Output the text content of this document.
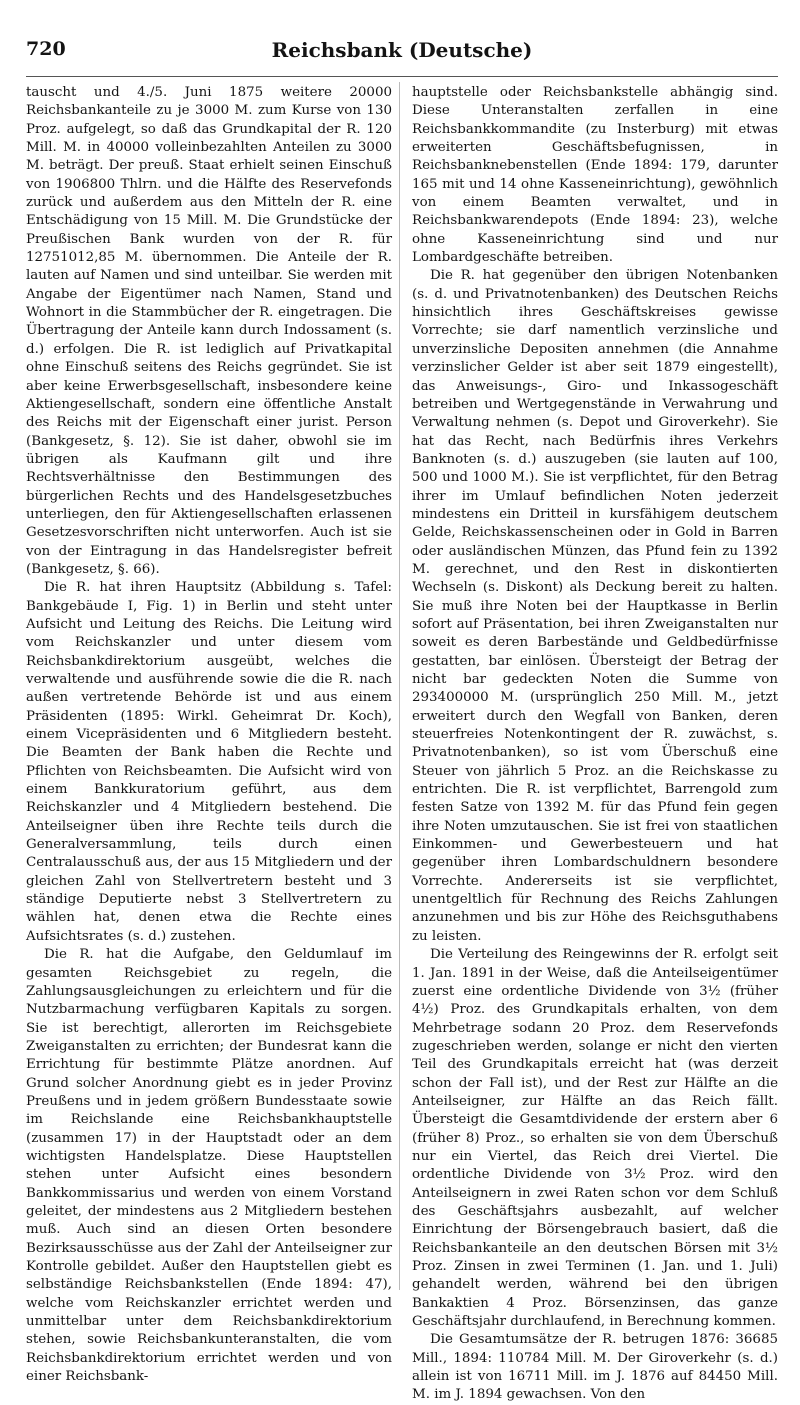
720	Reichsbank (Deutsche)

tauscht und 4./5. Juni 1875 weitere 20000 Reichsbankanteile zu je 3000 M. zum Kurse von 130 Proz. aufgelegt, so daß das Grundkapital der R. 120 Mill. M. in 40000 volleinbezahlten Anteilen zu 3000 M. beträgt. Der preuß. Staat erhielt seinen Einschuß von 1906800 Thlrn. und die Hälfte des Reservefonds zurück und außerdem aus den Mitteln der R. eine Entschädigung von 15 Mill. M. Die Grundstücke der Preußischen Bank wurden von der R. für 12751012,85 M. übernommen. Die Anteile der R. lauten auf Namen und sind unteilbar. Sie werden mit Angabe der Eigentümer nach Namen, Stand und Wohnort in die Stammbücher der R. eingetragen. Die Übertragung der Anteile kann durch Indossament (s. d.) erfolgen. Die R. ist lediglich auf Privatkapital ohne Einschuß seitens des Reichs gegründet. Sie ist aber keine Erwerbsgesellschaft, insbesondere keine Aktiengesellschaft, sondern eine öffentliche Anstalt des Reichs mit der Eigenschaft einer jurist. Person (Bankgesetz, §. 12). Sie ist daher, obwohl sie im übrigen als Kaufmann gilt und ihre Rechtsverhältnisse den Bestimmungen des bürgerlichen Rechts und des Handelsgesetzbuches unterliegen, den für Aktiengesellschaften erlassenen Gesetzesvorschriften nicht unterworfen. Auch ist sie von der Eintragung in das Handelsregister befreit (Bankgesetz, §. 66).

Die R. hat ihren Hauptsitz (Abbildung s. Tafel: Bankgebäude I, Fig. 1) in Berlin und steht unter Aufsicht und Leitung des Reichs. Die Leitung wird vom Reichskanzler und unter diesem vom Reichsbankdirektorium ausgeübt, welches die verwaltende und ausführende sowie die die R. nach außen vertretende Behörde ist und aus einem Präsidenten (1895: Wirkl. Geheimrat Dr. Koch), einem Vicepräsidenten und 6 Mitgliedern besteht. Die Beamten der Bank haben die Rechte und Pflichten von Reichsbeamten. Die Aufsicht wird von einem Bankkuratorium geführt, aus dem Reichskanzler und 4 Mitgliedern bestehend. Die Anteilseigner üben ihre Rechte teils durch die Generalversammlung, teils durch einen Centralausschuß aus, der aus 15 Mitgliedern und der gleichen Zahl von Stellvertretern besteht und 3 ständige Deputierte nebst 3 Stellvertretern zu wählen hat, denen etwa die Rechte eines Aufsichtsrates (s. d.) zustehen.

Die R. hat die Aufgabe, den Geldumlauf im gesamten Reichsgebiet zu regeln, die Zahlungsausgleichungen zu erleichtern und für die Nutzbarmachung verfügbaren Kapitals zu sorgen. Sie ist berechtigt, allerorten im Reichsgebiete Zweiganstalten zu errichten; der Bundesrat kann die Errichtung für bestimmte Plätze anordnen. Auf Grund solcher Anordnung giebt es in jeder Provinz Preußens und in jedem größern Bundesstaate sowie im Reichslande eine Reichsbankhauptstelle (zusammen 17) in der Hauptstadt oder an dem wichtigsten Handelsplatze. Diese Hauptstellen stehen unter Aufsicht eines besondern Bankkommissarius und werden von einem Vorstand geleitet, der mindestens aus 2 Mitgliedern bestehen muß. Auch sind an diesen Orten besondere Bezirksausschüsse aus der Zahl der Anteilseigner zur Kontrolle gebildet. Außer den Hauptstellen giebt es selbständige Reichsbankstellen (Ende 1894: 47), welche vom Reichskanzler errichtet werden und unmittelbar unter dem Reichsbankdirektorium stehen, sowie Reichsbankunteranstalten, die vom Reichsbankdirektorium errichtet werden und von einer Reichsbank-

hauptstelle oder Reichsbankstelle abhängig sind. Diese Unteranstalten zerfallen in eine Reichsbankkommandite (zu Insterburg) mit etwas erweiterten Geschäftsbefugnissen, in Reichsbanknebenstellen (Ende 1894: 179, darunter 165 mit und 14 ohne Kasseneinrichtung), gewöhnlich von einem Beamten verwaltet, und in Reichsbankwarendepots (Ende 1894: 23), welche ohne Kasseneinrichtung sind und nur Lombardgeschäfte betreiben.

Die R. hat gegenüber den übrigen Notenbanken (s. d. und Privatnotenbanken) des Deutschen Reichs hinsichtlich ihres Geschäftskreises gewisse Vorrechte; sie darf namentlich verzinsliche und unverzinsliche Depositen annehmen (die Annahme verzinslicher Gelder ist aber seit 1879 eingestellt), das Anweisungs-, Giro- und Inkassogeschäft betreiben und Wertgegenstände in Verwahrung und Verwaltung nehmen (s. Depot und Giroverkehr). Sie hat das Recht, nach Bedürfnis ihres Verkehrs Banknoten (s. d.) auszugeben (sie lauten auf 100, 500 und 1000 M.). Sie ist verpflichtet, für den Betrag ihrer im Umlauf befindlichen Noten jederzeit mindestens ein Dritteil in kursfähigem deutschem Gelde, Reichskassenscheinen oder in Gold in Barren oder ausländischen Münzen, das Pfund fein zu 1392 M. gerechnet, und den Rest in diskontierten Wechseln (s. Diskont) als Deckung bereit zu halten. Sie muß ihre Noten bei der Hauptkasse in Berlin sofort auf Präsentation, bei ihren Zweiganstalten nur soweit es deren Barbestände und Geldbedürfnisse gestatten, bar einlösen. Übersteigt der Betrag der nicht bar gedeckten Noten die Summe von 293400000 M. (ursprünglich 250 Mill. M., jetzt erweitert durch den Wegfall von Banken, deren steuerfreies Notenkontingent der R. zuwächst, s. Privatnotenbanken), so ist vom Überschuß eine Steuer von jährlich 5 Proz. an die Reichskasse zu entrichten. Die R. ist verpflichtet, Barrengold zum festen Satze von 1392 M. für das Pfund fein gegen ihre Noten umzutauschen. Sie ist frei von staatlichen Einkommen- und Gewerbesteuern und hat gegenüber ihren Lombardschuldnern besondere Vorrechte. Andererseits ist sie verpflichtet, unentgeltlich für Rechnung des Reichs Zahlungen anzunehmen und bis zur Höhe des Reichsguthabens zu leisten.

Die Verteilung des Reingewinns der R. erfolgt seit 1. Jan. 1891 in der Weise, daß die Anteilseigentümer zuerst eine ordentliche Dividende von 3½ (früher 4½) Proz. des Grundkapitals erhalten, von dem Mehrbetrage sodann 20 Proz. dem Reservefonds zugeschrieben werden, solange er nicht den vierten Teil des Grundkapitals erreicht hat (was derzeit schon der Fall ist), und der Rest zur Hälfte an die Anteilseigner, zur Hälfte an das Reich fällt. Übersteigt die Gesamtdividende der erstern aber 6 (früher 8) Proz., so erhalten sie von dem Überschuß nur ein Viertel, das Reich drei Viertel. Die ordentliche Dividende von 3½ Proz. wird den Anteilseignern in zwei Raten schon vor dem Schluß des Geschäftsjahrs ausbezahlt, auf welcher Einrichtung der Börsengebrauch basiert, daß die Reichsbankanteile an den deutschen Börsen mit 3½ Proz. Zinsen in zwei Terminen (1. Jan. und 1. Juli) gehandelt werden, während bei den übrigen Bankaktien 4 Proz. Börsenzinsen, das ganze Geschäftsjahr durchlaufend, in Berechnung kommen.

Die Gesamtumsätze der R. betrugen 1876: 36685 Mill., 1894: 110784 Mill. M. Der Giroverkehr (s. d.) allein ist von 16711 Mill. im J. 1876 auf 84450 Mill. M. im J. 1894 gewachsen. Von den
